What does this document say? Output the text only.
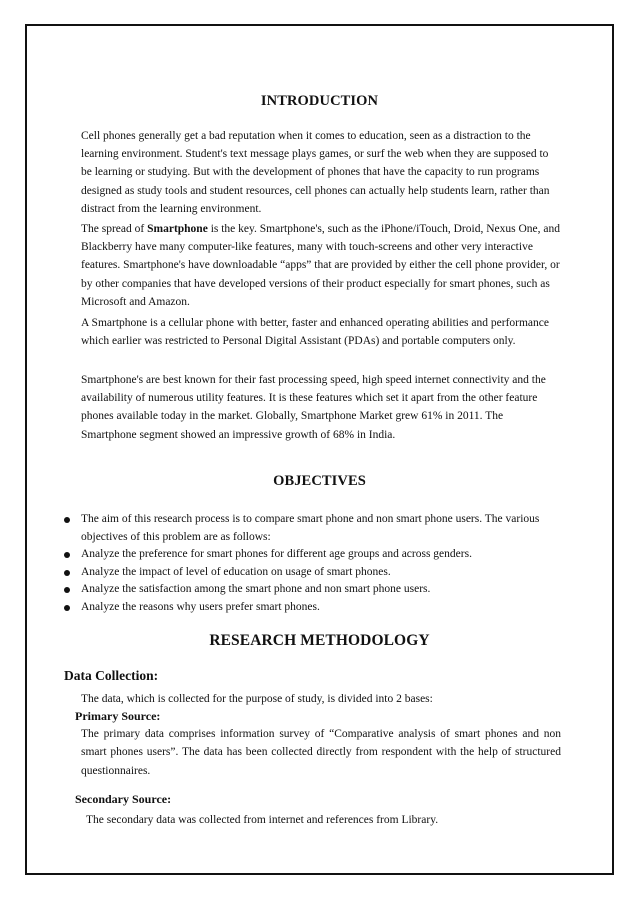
INTRODUCTION

Cell phones generally get a bad reputation when it comes to education, seen as a distraction to the learning environment. Student's text message plays games, or surf the web when they are supposed to be learning or studying. But with the development of phones that have the capacity to run programs designed as study tools and student resources, cell phones can actually help students learn, rather than distract from the learning environment.

The spread of Smartphone is the key. Smartphone's, such as the iPhone/iTouch, Droid, Nexus One, and Blackberry have many computer-like features, many with touch-screens and other very interactive features. Smartphone's have downloadable “apps” that are provided by either the cell phone provider, or by other companies that have developed versions of their product especially for smart phones, such as Microsoft and Amazon.

A Smartphone is a cellular phone with better, faster and enhanced operating abilities and performance which earlier was restricted to Personal Digital Assistant (PDAs) and portable computers only.

Smartphone's are best known for their fast processing speed, high speed internet connectivity and the availability of numerous utility features. It is these features which set it apart from the other feature phones available today in the market. Globally, Smartphone Market grew 61% in 2011. The Smartphone segment showed an impressive growth of 68% in India.

OBJECTIVES
The aim of this research process is to compare smart phone and non smart phone users. The various objectives of this problem are as follows:
Analyze the preference for smart phones for different age groups and across genders.
Analyze the impact of level of education on usage of smart phones.
Analyze the satisfaction among the smart phone and non smart phone users.
Analyze the reasons why users prefer smart phones.
RESEARCH METHODOLOGY
Data Collection:
The data, which is collected for the purpose of study, is divided into 2 bases:
Primary Source:
The primary data comprises information survey of “Comparative analysis of smart phones and non smart phones users”. The data has been collected directly from respondent with the help of structured questionnaires.
Secondary Source:
The secondary data was collected from internet and references from Library.
